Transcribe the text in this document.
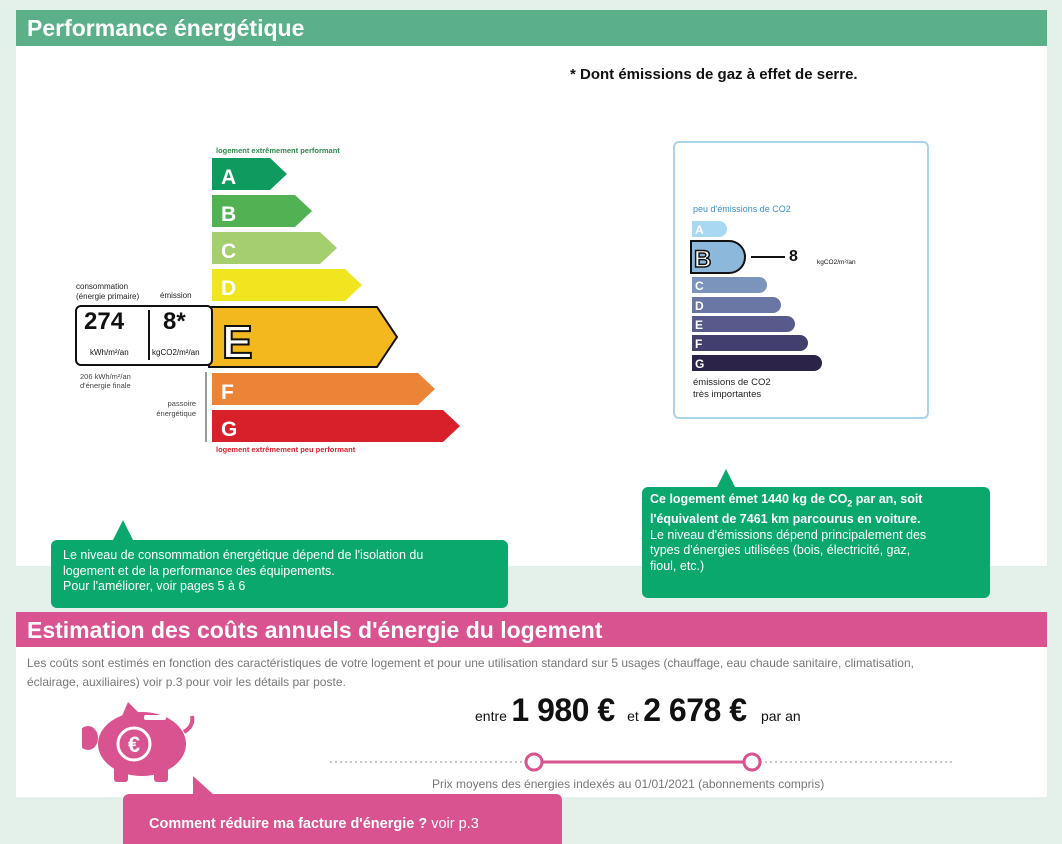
Performance énergétique
* Dont émissions de gaz à effet de serre.
logement extrêmement performant
A
B
C
D
E
F
G
logement extrêmement peu performant
consommation (énergie primaire)	émission
274 8*
kWh/m²/an	kgCO2/m²/an
206 kWh/m²/an
d'énergie finale
passoire
énergétique
peu d'émissions de CO2
A
B
C
D
E
F
G
8	kgCO2/m²/an
émissions de CO2
très importantes
Le niveau de consommation énergétique dépend de l'isolation du
logement et de la performance des équipements.
Pour l'améliorer, voir pages 5 à 6
Ce logement émet 1440 kg de $CO_2$ par an, soit
l'équivalent de 7461 km parcourus en voiture.
Le niveau d'émissions dépend principalement des
types d'énergies utilisées (bois, électricité, gaz,
fioul, etc.)
Estimation des coûts annuels d'énergie du logement
Les coûts sont estimés en fonction des caractéristiques de votre logement et pour une utilisation standard sur 5 usages (chauffage, eau chaude sanitaire, climatisation,
éclairage, auxiliaires) voir p.3 pour voir les détails par poste.
€
entre 1 980 € et 2 678 € par an
Prix moyens des énergies indexés au 01/01/2021 (abonnements compris)
Comment réduire ma facture d'énergie ? voir p.3
